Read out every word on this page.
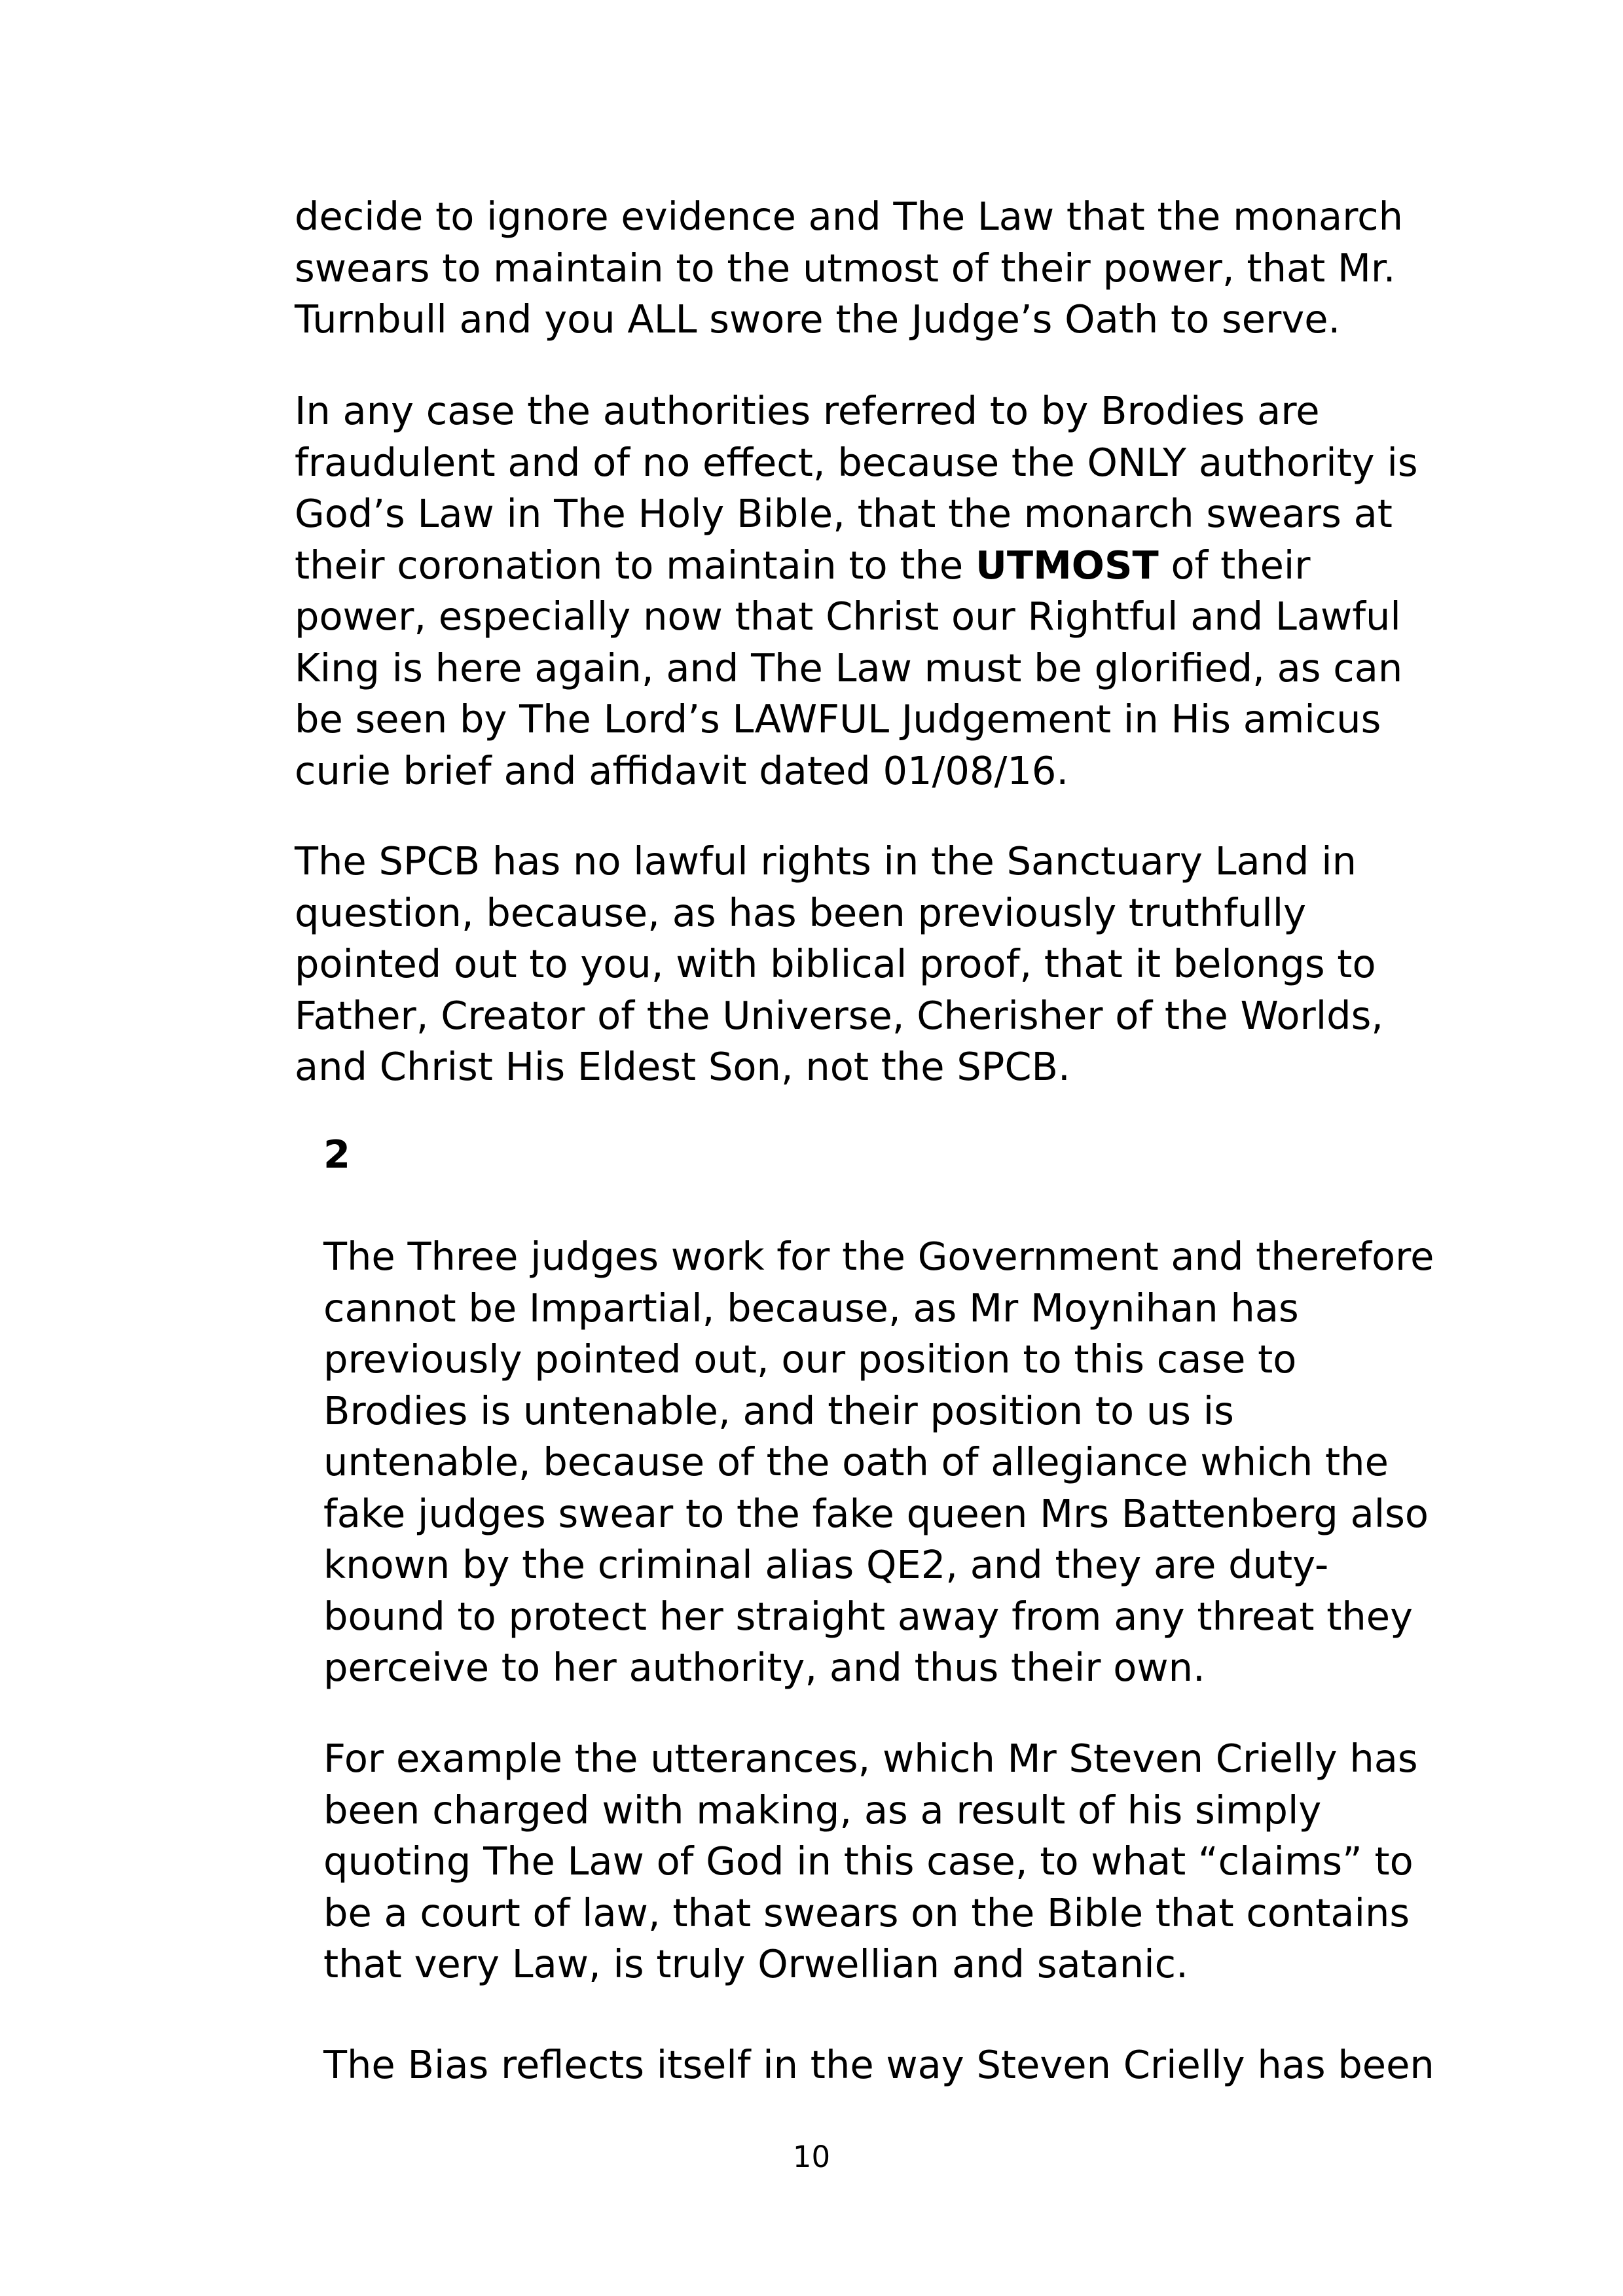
decide to ignore evidence and The Law that the monarch
swears to maintain to the utmost of their power, that Mr.
Turnbull and you ALL swore the Judge’s Oath to serve.
In any case the authorities referred to by Brodies are
fraudulent and of no effect, because the ONLY authority is
God’s Law in The Holy Bible, that the monarch swears at
their coronation to maintain to the UTMOST of their
power, especially now that Christ our Rightful and Lawful
King is here again, and The Law must be glorified, as can
be seen by The Lord’s LAWFUL Judgement in His amicus
curie brief and affidavit dated 01/08/16.
The SPCB has no lawful rights in the Sanctuary Land in
question, because, as has been previously truthfully
pointed out to you, with biblical proof, that it belongs to
Father, Creator of the Universe, Cherisher of the Worlds,
and Christ His Eldest Son, not the SPCB.
2
The Three judges work for the Government and therefore
cannot be Impartial, because, as Mr Moynihan has
previously pointed out, our position to this case to
Brodies is untenable, and their position to us is
untenable, because of the oath of allegiance which the
fake judges swear to the fake queen Mrs Battenberg also
known by the criminal alias QE2, and they are duty-
bound to protect her straight away from any threat they
perceive to her authority, and thus their own.
For example the utterances, which Mr Steven Crielly has
been charged with making, as a result of his simply
quoting The Law of God in this case, to what “claims” to
be a court of law, that swears on the Bible that contains
that very Law, is truly Orwellian and satanic.
The Bias reflects itself in the way Steven Crielly has been
10
